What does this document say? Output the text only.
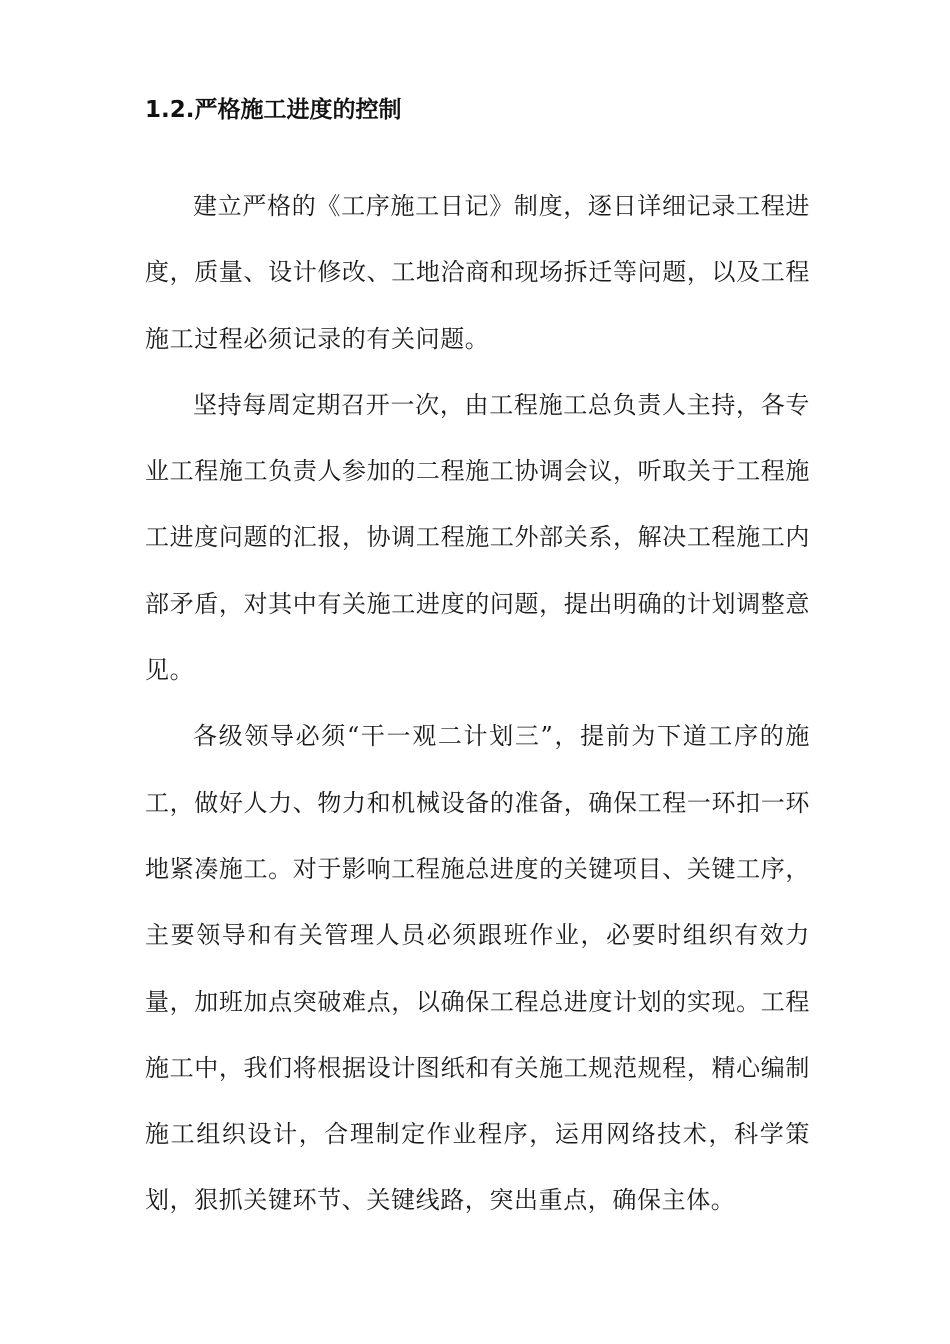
1.2.严格施工进度的控制

建立严格的《工序施工日记》制度，逐日详细记录工程进度，质量、设计修改、工地洽商和现场拆迁等问题，以及工程施工过程必须记录的有关问题。

坚持每周定期召开一次，由工程施工总负责人主持，各专业工程施工负责人参加的二程施工协调会议，听取关于工程施工进度问题的汇报，协调工程施工外部关系，解决工程施工内部矛盾，对其中有关施工进度的问题，提出明确的计划调整意见。

各级领导必须“干一观二计划三”，提前为下道工序的施工，做好人力、物力和机械设备的准备，确保工程一环扣一环地紧凑施工。对于影响工程施总进度的关键项目、关键工序，主要领导和有关管理人员必须跟班作业，必要时组织有效力量，加班加点突破难点，以确保工程总进度计划的实现。工程施工中，我们将根据设计图纸和有关施工规范规程，精心编制施工组织设计，合理制定作业程序，运用网络技术，科学策划，狠抓关键环节、关键线路，突出重点，确保主体。
